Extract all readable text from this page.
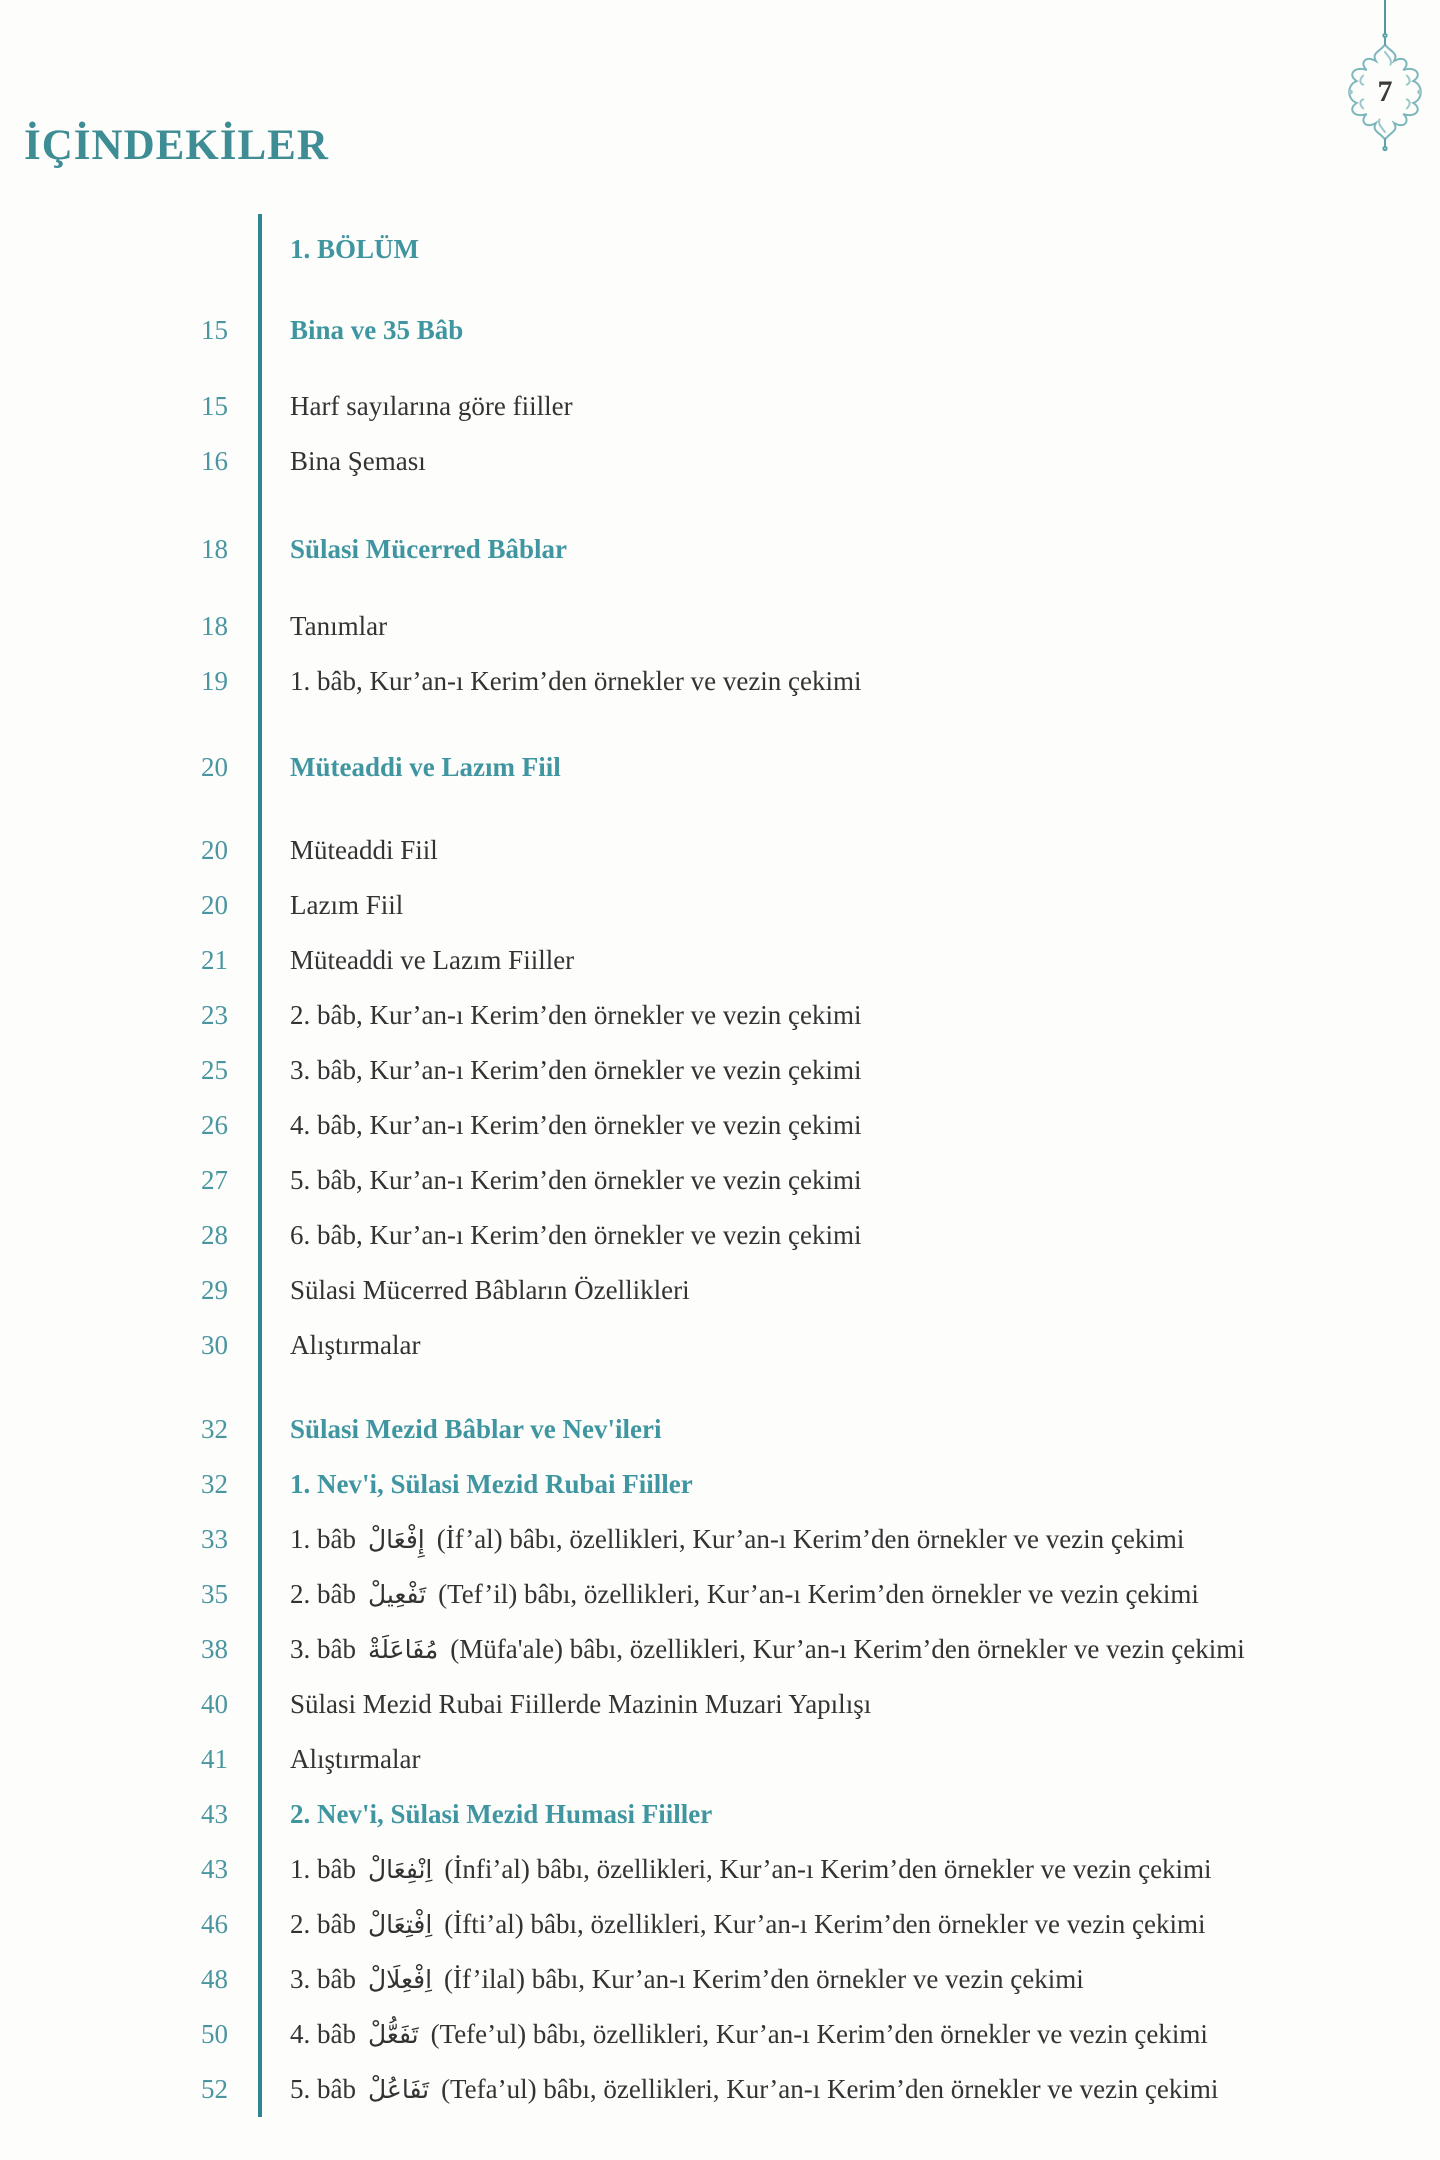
7
İÇİNDEKİLER
1. BÖLÜM
15	Bina ve 35 Bâb
15	Harf sayılarına göre fiiller
16	Bina Şeması
18	Sülasi Mücerred Bâblar
18	Tanımlar
19	1. bâb, Kur’an-ı Kerim’den örnekler ve vezin çekimi
20	Müteaddi ve Lazım Fiil
20	Müteaddi Fiil
20	Lazım Fiil
21	Müteaddi ve Lazım Fiiller
23	2. bâb, Kur’an-ı Kerim’den örnekler ve vezin çekimi
25	3. bâb, Kur’an-ı Kerim’den örnekler ve vezin çekimi
26	4. bâb, Kur’an-ı Kerim’den örnekler ve vezin çekimi
27	5. bâb, Kur’an-ı Kerim’den örnekler ve vezin çekimi
28	6. bâb, Kur’an-ı Kerim’den örnekler ve vezin çekimi
29	Sülasi Mücerred Bâbların Özellikleri
30	Alıştırmalar
32	Sülasi Mezid Bâblar ve Nev'ileri
32	1. Nev'i, Sülasi Mezid Rubai Fiiller
33	1. bâb إِفْعَالْ (İf’al) bâbı, özellikleri, Kur’an-ı Kerim’den örnekler ve vezin çekimi
35	2. bâb تَفْعِيلْ (Tef’il) bâbı, özellikleri, Kur’an-ı Kerim’den örnekler ve vezin çekimi
38	3. bâb مُفَاعَلَةْ (Müfa'ale) bâbı, özellikleri, Kur’an-ı Kerim’den örnekler ve vezin çekimi
40	Sülasi Mezid Rubai Fiillerde Mazinin Muzari Yapılışı
41	Alıştırmalar
43	2. Nev'i, Sülasi Mezid Humasi Fiiller
43	1. bâb اِنْفِعَالْ (İnfi’al) bâbı, özellikleri, Kur’an-ı Kerim’den örnekler ve vezin çekimi
46	2. bâb اِفْتِعَالْ (İfti’al) bâbı, özellikleri, Kur’an-ı Kerim’den örnekler ve vezin çekimi
48	3. bâb اِفْعِلَالْ (İf’ilal) bâbı, Kur’an-ı Kerim’den örnekler ve vezin çekimi
50	4. bâb تَفَعُّلْ (Tefe’ul) bâbı, özellikleri, Kur’an-ı Kerim’den örnekler ve vezin çekimi
52	5. bâb تَفَاعُلْ (Tefa’ul) bâbı, özellikleri, Kur’an-ı Kerim’den örnekler ve vezin çekimi
